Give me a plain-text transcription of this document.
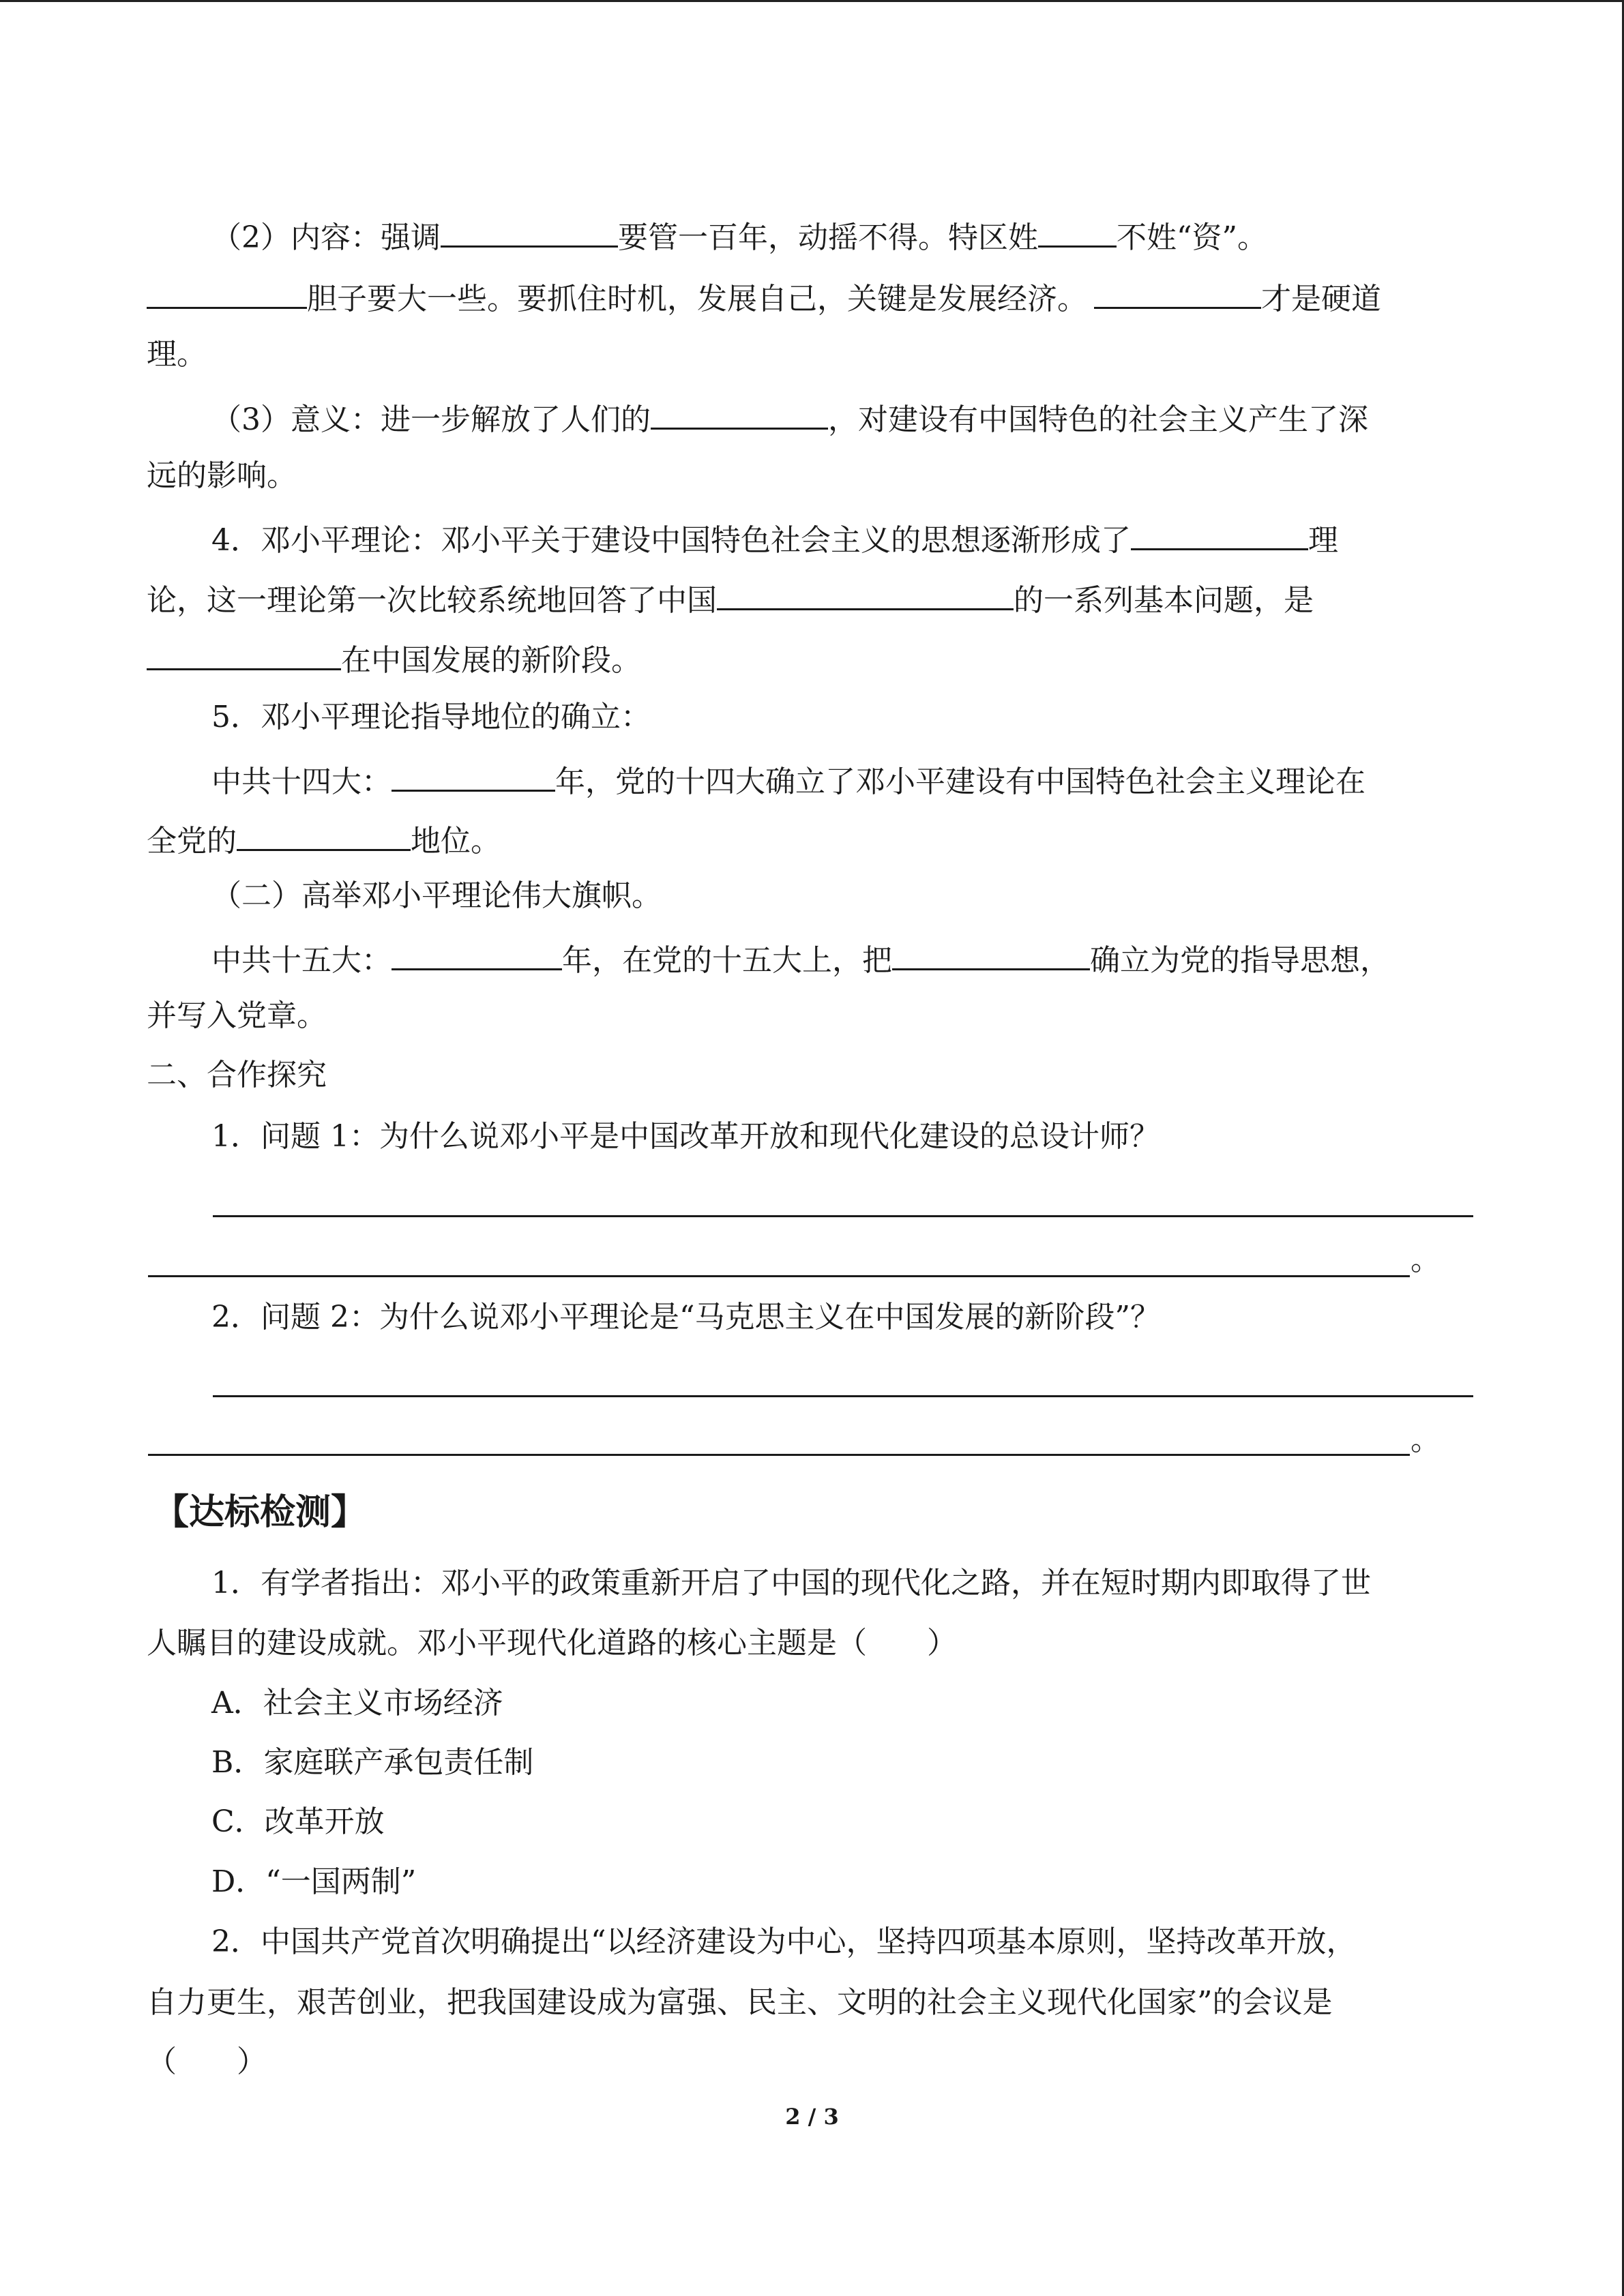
（2）内容：强调	要管一百年，动摇不得。特区姓	不姓“资”。
胆子要大一些。要抓住时机，发展自己，关键是发展经济。	才是硬道
理。
（3）意义：进一步解放了人们的	，对建设有中国特色的社会主义产生了深
远的影响。
4．邓小平理论：邓小平关于建设中国特色社会主义的思想逐渐形成了	理
论，这一理论第一次比较系统地回答了中国	的一系列基本问题，是
在中国发展的新阶段。
5．邓小平理论指导地位的确立：
中共十四大：	年，党的十四大确立了邓小平建设有中国特色社会主义理论在
全党的	地位。
（二）高举邓小平理论伟大旗帜。
中共十五大：	年，在党的十五大上，把	确立为党的指导思想，
并写入党章。
二、合作探究
1．问题 1：为什么说邓小平是中国改革开放和现代化建设的总设计师？
。
2．问题 2：为什么说邓小平理论是“马克思主义在中国发展的新阶段”？
。
【达标检测】
1．有学者指出：邓小平的政策重新开启了中国的现代化之路，并在短时期内即取得了世
人瞩目的建设成就。邓小平现代化道路的核心主题是（　　）
A．社会主义市场经济
B．家庭联产承包责任制
C．改革开放
D．“一国两制”
2．中国共产党首次明确提出“以经济建设为中心，坚持四项基本原则，坚持改革开放，
自力更生，艰苦创业，把我国建设成为富强、民主、文明的社会主义现代化国家”的会议是
（　　）
2 / 3
